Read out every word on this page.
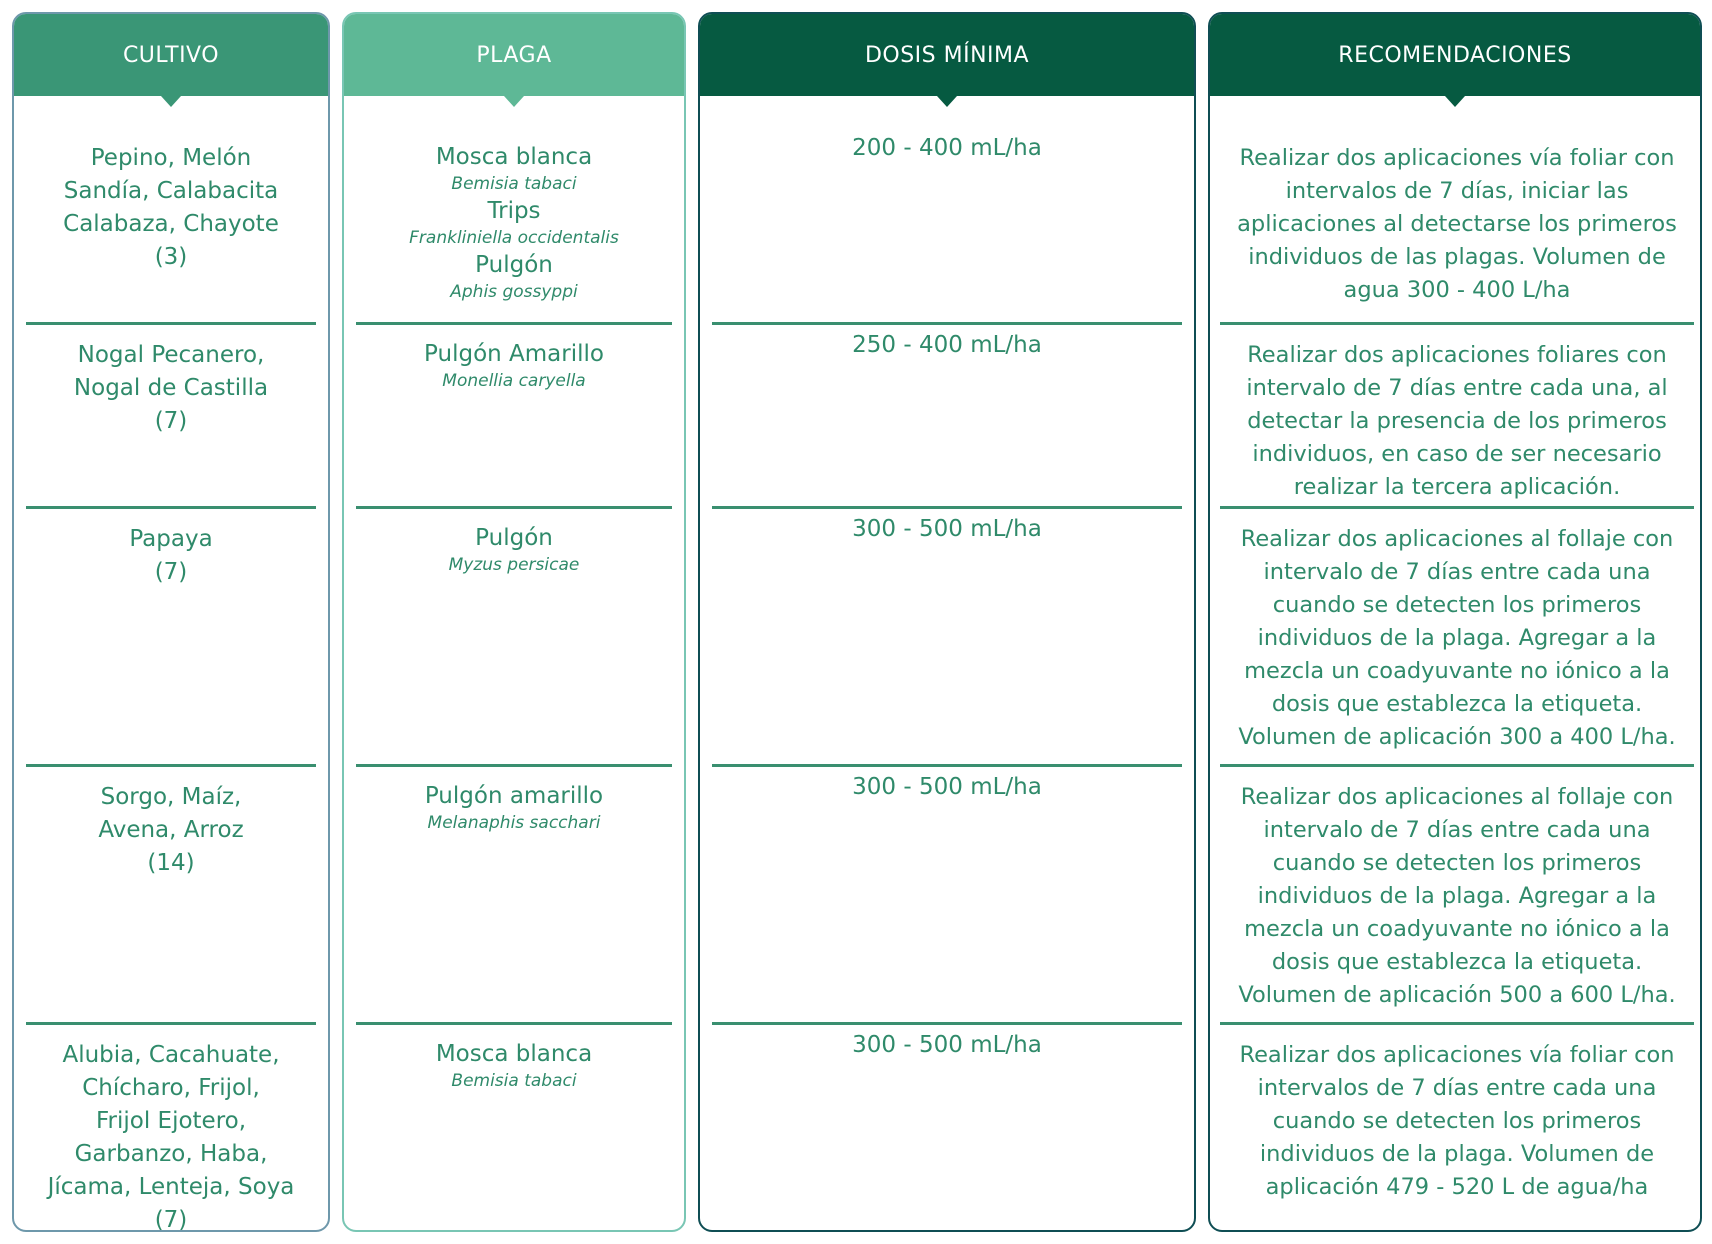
CULTIVO
Pepino, Melón
Sandía, Calabacita
Calabaza, Chayote
(3)
Nogal Pecanero,
Nogal de Castilla
(7)
Papaya
(7)
Sorgo, Maíz,
Avena, Arroz
(14)
Alubia, Cacahuate,
Chícharo, Frijol,
Frijol Ejotero,
Garbanzo, Haba,
Jícama, Lenteja, Soya
(7)
PLAGA
Mosca blanca
Bemisia tabaci
Trips
Frankliniella occidentalis
Pulgón
Aphis gossyppi
Pulgón Amarillo
Monellia caryella
Pulgón
Myzus persicae
Pulgón amarillo
Melanaphis sacchari
Mosca blanca
Bemisia tabaci
DOSIS MÍNIMA
200 - 400 mL/ha
250 - 400 mL/ha
300 - 500 mL/ha
300 - 500 mL/ha
300 - 500 mL/ha
RECOMENDACIONES
Realizar dos aplicaciones vía foliar con
intervalos de 7 días, iniciar las
aplicaciones al detectarse los primeros
individuos de las plagas. Volumen de
agua 300 - 400 L/ha
Realizar dos aplicaciones foliares con
intervalo de 7 días entre cada una, al
detectar la presencia de los primeros
individuos, en caso de ser necesario
realizar la tercera aplicación.
Realizar dos aplicaciones al follaje con
intervalo de 7 días entre cada una
cuando se detecten los primeros
individuos de la plaga. Agregar a la
mezcla un coadyuvante no iónico a la
dosis que establezca la etiqueta.
Volumen de aplicación 300 a 400 L/ha.
Realizar dos aplicaciones al follaje con
intervalo de 7 días entre cada una
cuando se detecten los primeros
individuos de la plaga. Agregar a la
mezcla un coadyuvante no iónico a la
dosis que establezca la etiqueta.
Volumen de aplicación 500 a 600 L/ha.
Realizar dos aplicaciones vía foliar con
intervalos de 7 días entre cada una
cuando se detecten los primeros
individuos de la plaga. Volumen de
aplicación 479 - 520 L de agua/ha
